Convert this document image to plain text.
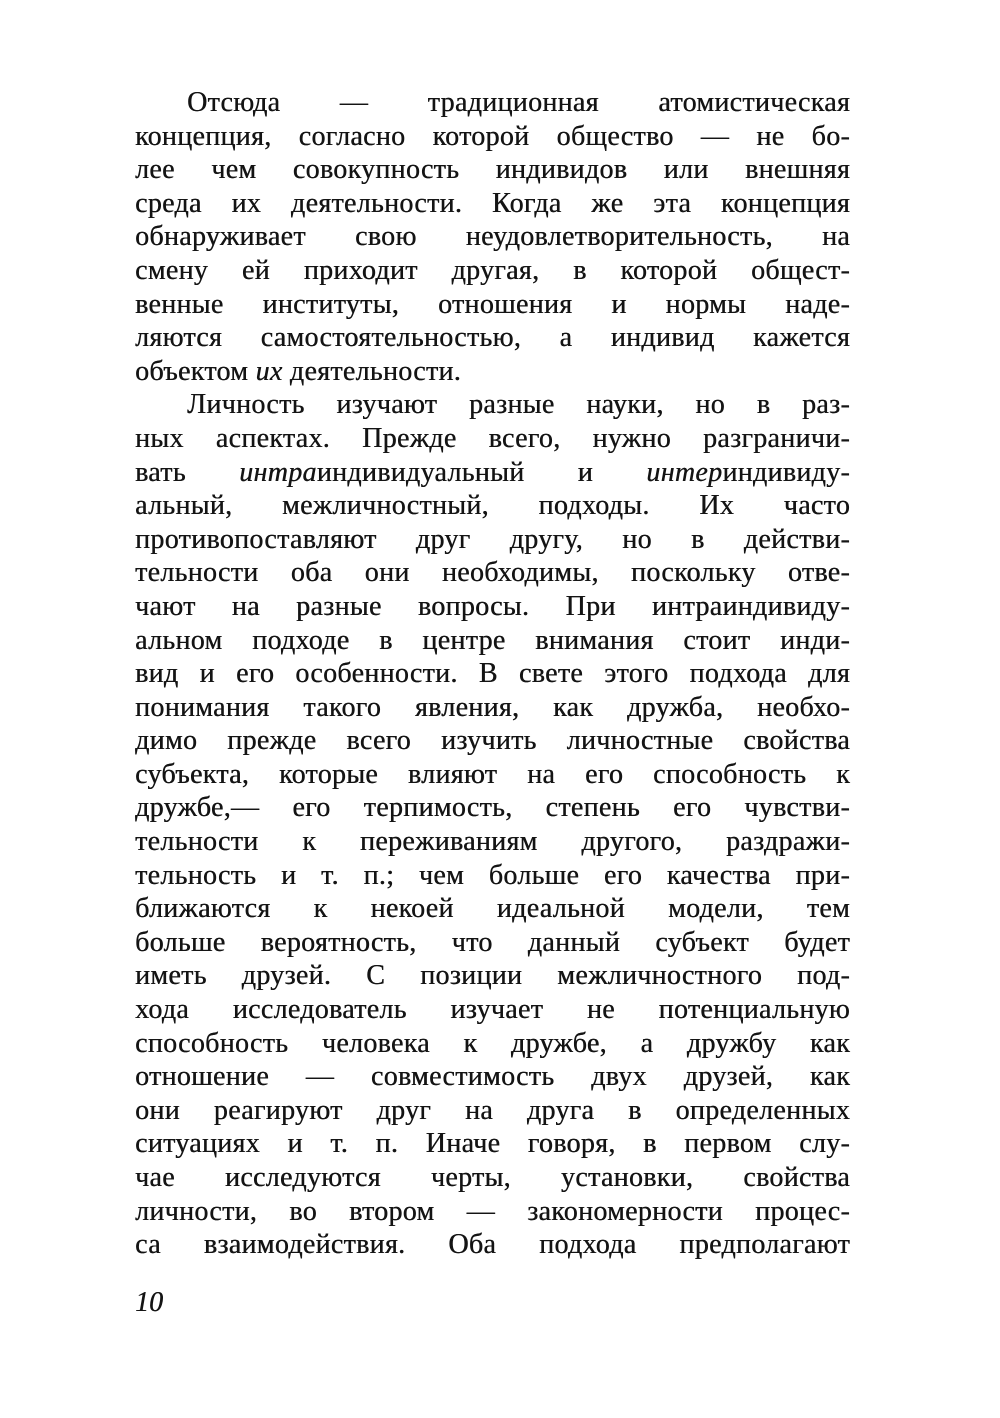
Отсюда — традиционная атомистическая
концепция, согласно которой общество — не бо-
лее чем совокупность индивидов или внешняя
среда их деятельности. Когда же эта концепция
обнаруживает свою неудовлетворительность, на
смену ей приходит другая, в которой общест-
венные институты, отношения и нормы наде-
ляются самостоятельностью, а индивид кажется
объектом их деятельности.
Личность изучают разные науки, но в раз-
ных аспектах. Прежде всего, нужно разграничи-
вать интраиндивидуальный и интериндивиду-
альный, межличностный, подходы. Их часто
противопоставляют друг другу, но в действи-
тельности оба они необходимы, поскольку отве-
чают на разные вопросы. При интраиндивиду-
альном подходе в центре внимания стоит инди-
вид и его особенности. В свете этого подхода для
понимания такого явления, как дружба, необхо-
димо прежде всего изучить личностные свойства
субъекта, которые влияют на его способность к
дружбе,— его терпимость, степень его чувстви-
тельности к переживаниям другого, раздражи-
тельность и т. п.; чем больше его качества при-
ближаются к некоей идеальной модели, тем
больше вероятность, что данный субъект будет
иметь друзей. С позиции межличностного под-
хода исследователь изучает не потенциальную
способность человека к дружбе, а дружбу как
отношение — совместимость двух друзей, как
они реагируют друг на друга в определенных
ситуациях и т. п. Иначе говоря, в первом слу-
чае исследуются черты, установки, свойства
личности, во втором — закономерности процес-
са взаимодействия. Оба подхода предполагают
10
